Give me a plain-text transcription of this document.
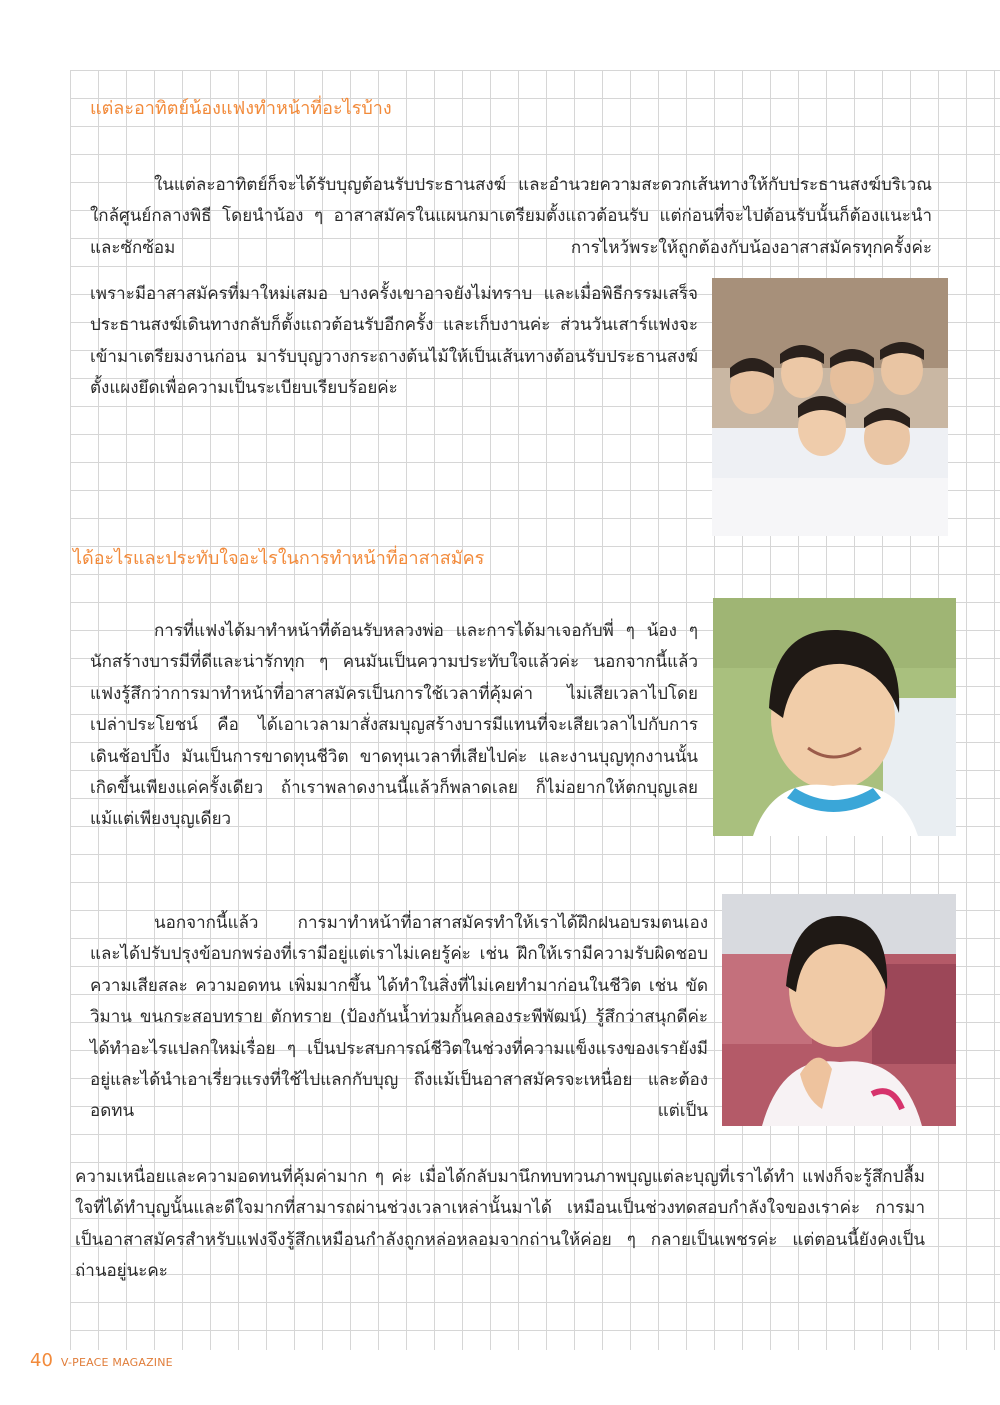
แต่ละอาทิตย์น้องแฟงทำหน้าที่อะไรบ้าง

ในแต่ละอาทิตย์ก็จะได้รับบุญต้อนรับประธานสงฆ์ และอำนวยความสะดวกเส้นทางให้กับประธานสงฆ์บริเวณใกล้ศูนย์กลางพิธี โดยนำน้อง ๆ อาสาสมัครในแผนกมาเตรียมตั้งแถวต้อนรับ แต่ก่อนที่จะไปต้อนรับนั้นก็ต้องแนะนำ และซักซ้อม การไหว้พระให้ถูกต้องกับน้องอาสาสมัครทุกครั้งค่ะ

เพราะมีอาสาสมัครที่มาใหม่เสมอ บางครั้งเขาอาจยังไม่ทราบ และเมื่อพิธีกรรมเสร็จ ประธานสงฆ์เดินทางกลับก็ตั้งแถวต้อนรับอีกครั้ง และเก็บงานค่ะ ส่วนวันเสาร์แฟงจะเข้ามาเตรียมงานก่อน มารับบุญวางกระถางต้นไม้ให้เป็นเส้นทางต้อนรับประธานสงฆ์ ตั้งแผงยึดเพื่อความเป็นระเบียบเรียบร้อยค่ะ

ได้อะไรและประทับใจอะไรในการทำหน้าที่อาสาสมัคร

การที่แฟงได้มาทำหน้าที่ต้อนรับหลวงพ่อ และการได้มาเจอกับพี่ ๆ น้อง ๆ นักสร้างบารมีที่ดีและน่ารักทุก ๆ คนมันเป็นความประทับใจแล้วค่ะ นอกจากนี้แล้วแฟงรู้สึกว่าการมาทำหน้าที่อาสาสมัครเป็นการใช้เวลาที่คุ้มค่า ไม่เสียเวลาไปโดยเปล่าประโยชน์ คือ ได้เอาเวลามาสั่งสมบุญสร้างบารมีแทนที่จะเสียเวลาไปกับการเดินช้อปปิ้ง มันเป็นการขาดทุนชีวิต ขาดทุนเวลาที่เสียไปค่ะ และงานบุญทุกงานนั้นเกิดขึ้นเพียงแค่ครั้งเดียว ถ้าเราพลาดงานนี้แล้วก็พลาดเลย ก็ไม่อยากให้ตกบุญเลยแม้แต่เพียงบุญเดียว

นอกจากนี้แล้ว การมาทำหน้าที่อาสาสมัครทำให้เราได้ฝึกฝนอบรมตนเอง และได้ปรับปรุงข้อบกพร่องที่เรามีอยู่แต่เราไม่เคยรู้ค่ะ เช่น ฝึกให้เรามีความรับผิดชอบ ความเสียสละ ความอดทน เพิ่มมากขึ้น ได้ทำในสิ่งที่ไม่เคยทำมาก่อนในชีวิต เช่น ขัดวิมาน ขนกระสอบทราย ตักทราย (ป้องกันน้ำท่วมกั้นคลองระพีพัฒน์) รู้สึกว่าสนุกดีค่ะ ได้ทำอะไรแปลกใหม่เรื่อย ๆ เป็นประสบการณ์ชีวิตในช่วงที่ความแข็งแรงของเรายังมีอยู่และได้นำเอาเรี่ยวแรงที่ใช้ไปแลกกับบุญ ถึงแม้เป็นอาสาสมัครจะเหนื่อย และต้องอดทน แต่เป็น

ความเหนื่อยและความอดทนที่คุ้มค่ามาก ๆ ค่ะ เมื่อได้กลับมานึกทบทวนภาพบุญแต่ละบุญที่เราได้ทำ แฟงก็จะรู้สึกปลื้มใจที่ได้ทำบุญนั้นและดีใจมากที่สามารถผ่านช่วงเวลาเหล่านั้นมาได้ เหมือนเป็นช่วงทดสอบกำลังใจของเราค่ะ การมาเป็นอาสาสมัครสำหรับแฟงจึงรู้สึกเหมือนกำลังถูกหล่อหลอมจากถ่านให้ค่อย ๆ กลายเป็นเพชรค่ะ แต่ตอนนี้ยังคงเป็นถ่านอยู่นะคะ

40 V-PEACE MAGAZINE
